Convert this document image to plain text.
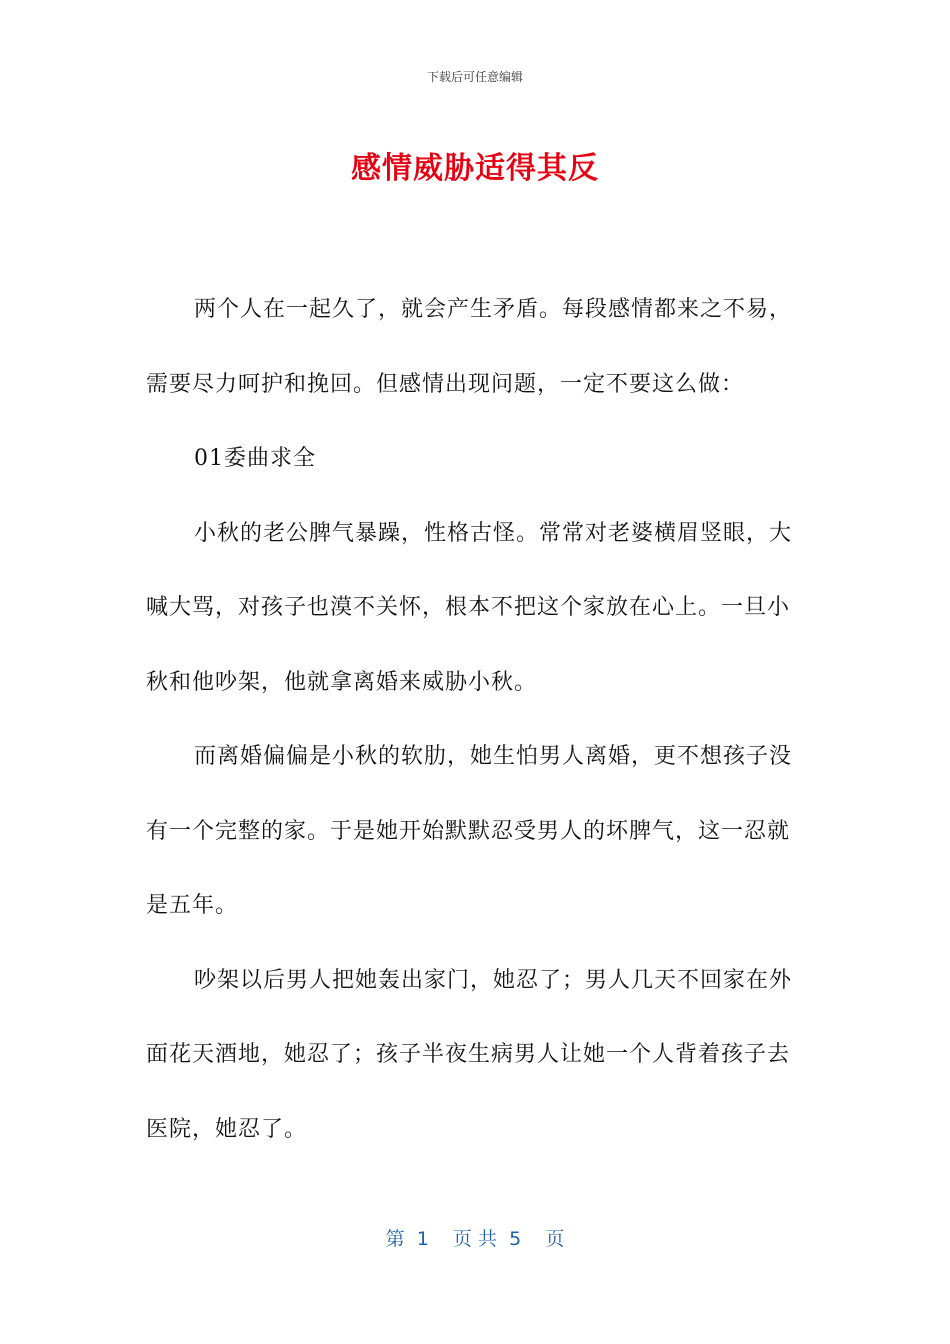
下载后可任意编辑
感情威胁适得其反

两个人在一起久了，就会产生矛盾。每段感情都来之不易，需要尽力呵护和挽回。但感情出现问题，一定不要这么做：

01委曲求全

小秋的老公脾气暴躁，性格古怪。常常对老婆横眉竖眼，大喊大骂，对孩子也漠不关怀，根本不把这个家放在心上。一旦小秋和他吵架，他就拿离婚来威胁小秋。

而离婚偏偏是小秋的软肋，她生怕男人离婚，更不想孩子没有一个完整的家。于是她开始默默忍受男人的坏脾气，这一忍就是五年。

吵架以后男人把她轰出家门，她忍了；男人几天不回家在外面花天酒地，她忍了；孩子半夜生病男人让她一个人背着孩子去医院，她忍了。

第  1    页 共  5    页
